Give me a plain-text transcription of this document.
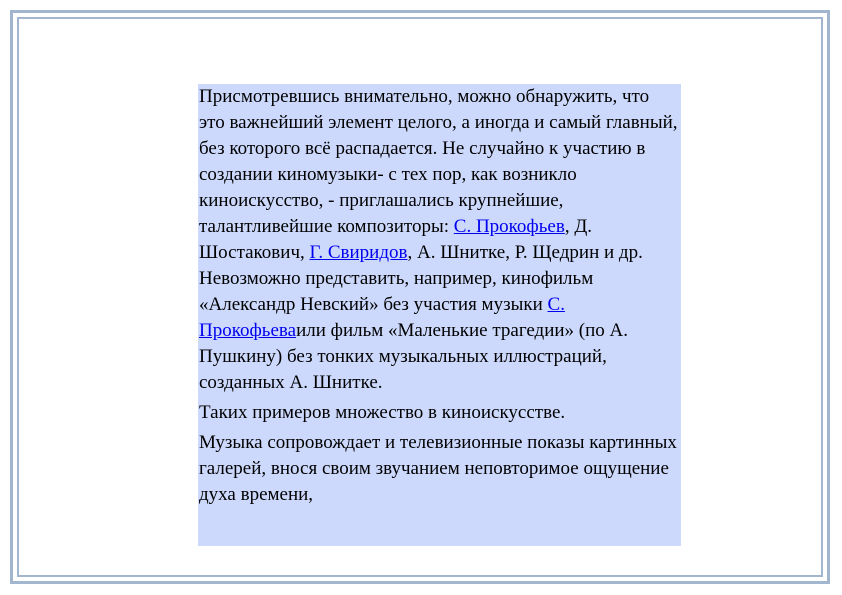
Присмотревшись внимательно, можно обнаружить, что это важнейший элемент целого, а иногда и самый главный, без которого всё распадается. Не случайно к участию в создании киномузыки- с тех пор, как возникло киноискусство, - приглашались крупнейшие, талантливейшие композиторы: С. Прокофьев, Д. Шостакович, Г. Свиридов, А. Шнитке, Р. Щедрин и др.

Невозможно представить, например, кинофильм «Александр Невский» без участия музыки С. Прокофьеваили фильм «Маленькие трагедии» (по А. Пушкину) без тонких музыкальных иллюстраций, созданных А. Шнитке.

Таких примеров множество в киноискусстве.

Музыка сопровождает и телевизионные показы картинных галерей, внося своим звучанием неповторимое ощущение духа времени,
